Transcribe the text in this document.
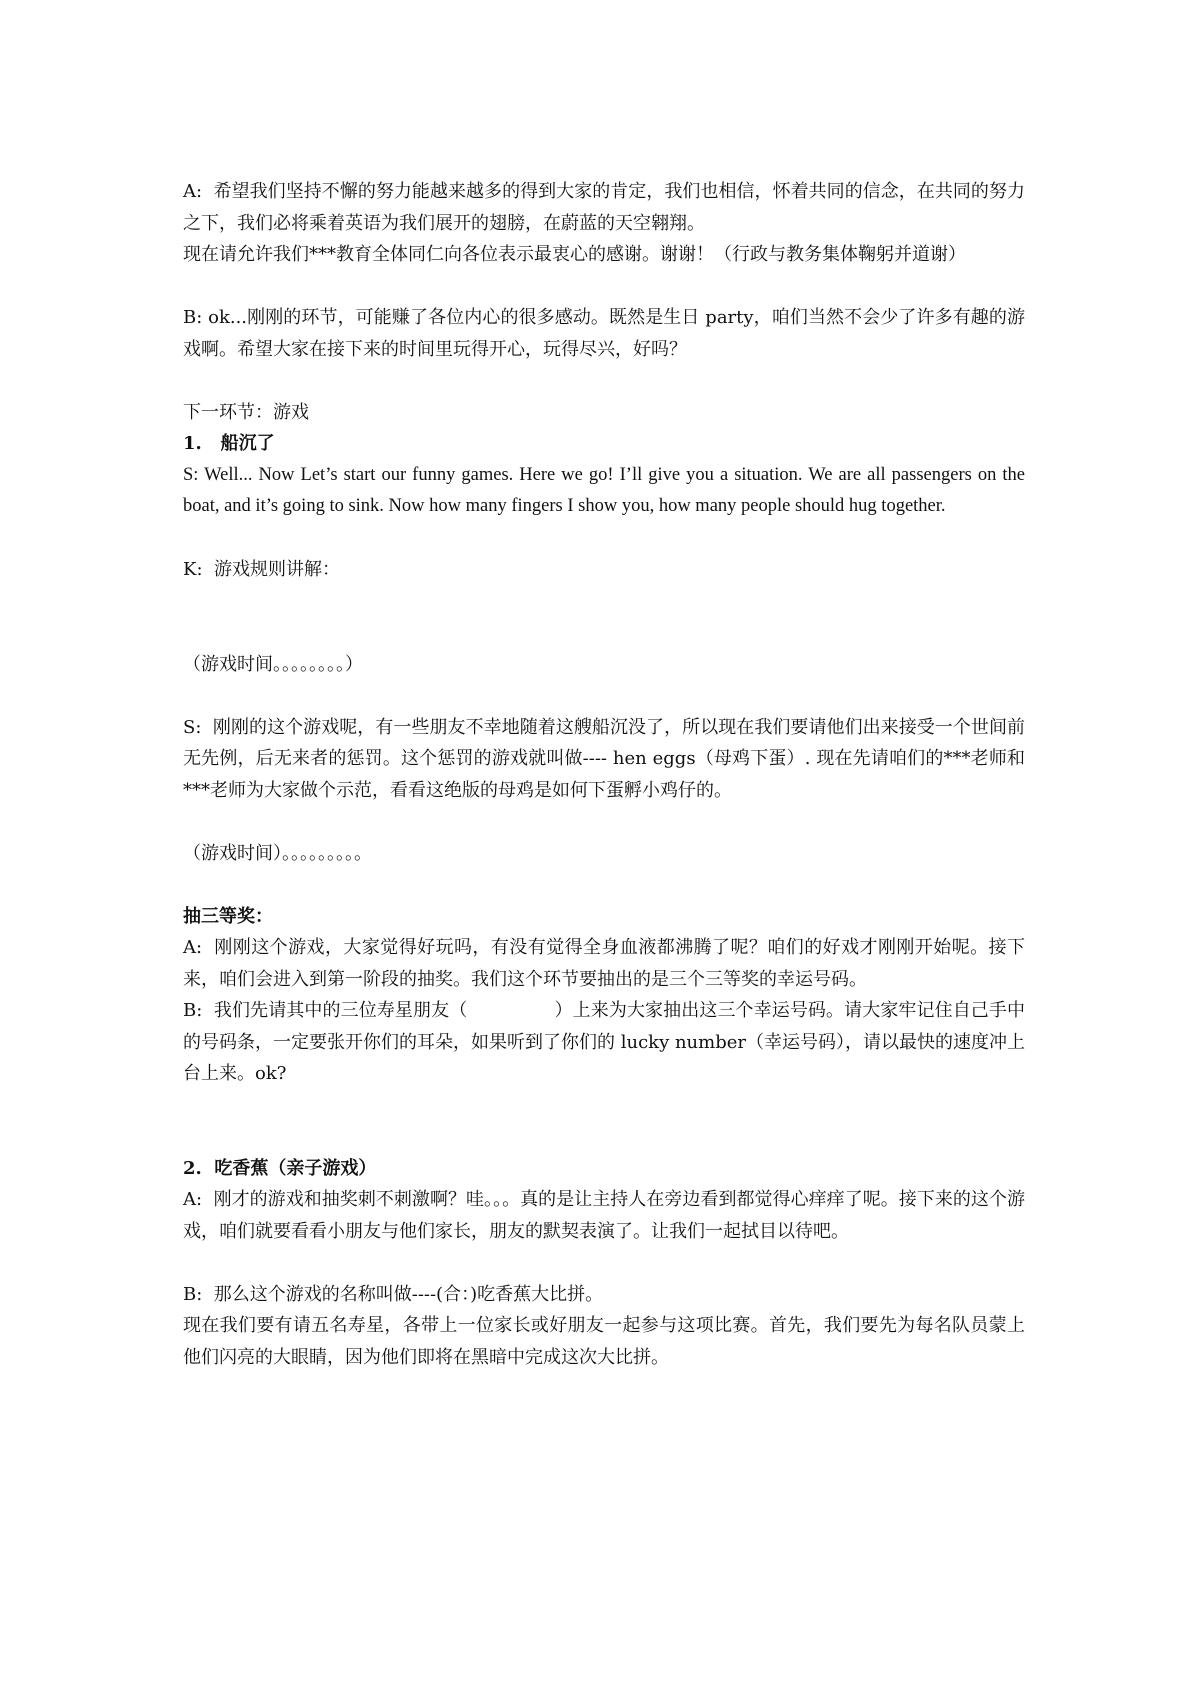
A:  希望我们坚持不懈的努力能越来越多的得到大家的肯定，我们也相信，怀着共同的信念，在共同的努力之下，我们必将乘着英语为我们展开的翅膀，在蔚蓝的天空翱翔。

现在请允许我们***教育全体同仁向各位表示最衷心的感谢。谢谢！（行政与教务集体鞠躬并道谢）

B: ok...刚刚的环节，可能赚了各位内心的很多感动。既然是生日 party，咱们当然不会少了许多有趣的游戏啊。希望大家在接下来的时间里玩得开心，玩得尽兴，好吗？

下一环节：游戏

1.   船沉了

S: Well... Now Let’s start our funny games. Here we go! I’ll give you a situation. We are all passengers on the boat, and it’s going to sink. Now how many fingers I show you, how many people should hug together.

K:  游戏规则讲解：

（游戏时间。。。。。。。。）

S:  刚刚的这个游戏呢，有一些朋友不幸地随着这艘船沉没了，所以现在我们要请他们出来接受一个世间前无先例，后无来者的惩罚。这个惩罚的游戏就叫做---- hen eggs（母鸡下蛋）. 现在先请咱们的***老师和***老师为大家做个示范，看看这绝版的母鸡是如何下蛋孵小鸡仔的。

（游戏时间）。。。。。。。。。

抽三等奖：

A:  刚刚这个游戏，大家觉得好玩吗，有没有觉得全身血液都沸腾了呢？咱们的好戏才刚刚开始呢。接下来，咱们会进入到第一阶段的抽奖。我们这个环节要抽出的是三个三等奖的幸运号码。

B:  我们先请其中的三位寿星朋友（               ）上来为大家抽出这三个幸运号码。请大家牢记住自己手中的号码条，一定要张开你们的耳朵，如果听到了你们的 lucky number（幸运号码），请以最快的速度冲上台上来。ok?

2.  吃香蕉（亲子游戏）

A:  刚才的游戏和抽奖刺不刺激啊？哇。。。真的是让主持人在旁边看到都觉得心痒痒了呢。接下来的这个游戏，咱们就要看看小朋友与他们家长，朋友的默契表演了。让我们一起拭目以待吧。

B:  那么这个游戏的名称叫做----(合：)吃香蕉大比拼。

现在我们要有请五名寿星，各带上一位家长或好朋友一起参与这项比赛。首先，我们要先为每名队员蒙上他们闪亮的大眼睛，因为他们即将在黑暗中完成这次大比拼。
